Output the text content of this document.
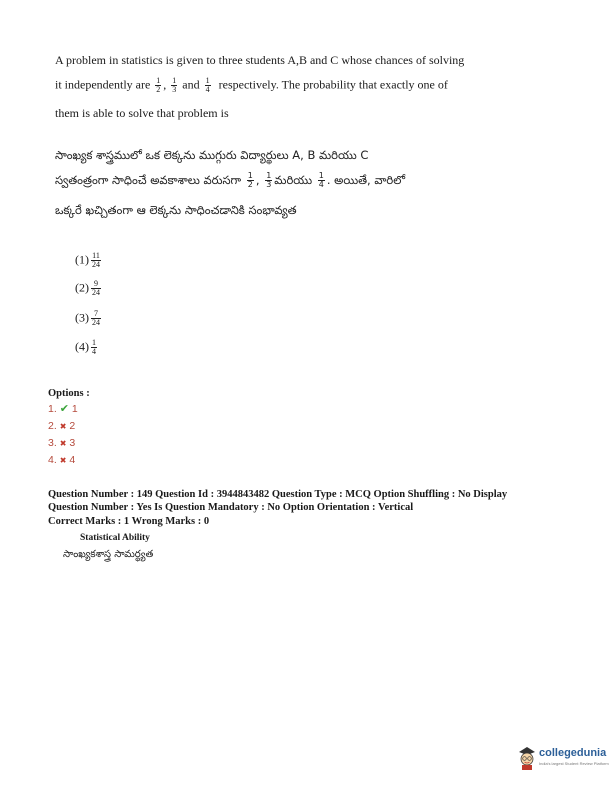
A problem in statistics is given to three students A,B and C whose chances of solving
it independently are $\frac{1}{2}$ , $\frac{1}{3}$ and $\frac{1}{4}$ respectively. The probability that exactly one of
them is able to solve that problem is
సాంఖ్యక శాస్త్రములో ఒక లెక్కను ముగ్గురు విద్యార్థులు A, B మరియు C
స్వతంత్రంగా సాధించే అవకాశాలు వరుసగా $\frac{1}{2}$ , $\frac{1}{3}$ మరియు $\frac{1}{4}$ . అయితే, వారిలో
ఒక్కరే ఖచ్చితంగా ఆ లెక్కను సాధించడానికి సంభావ్యత
$(1) \frac{11}{24}$
$(2) \frac{9}{24}$
$(3) \frac{7}{24}$
$(4) \frac{1}{4}$
Options :
1. ✔ 1
2. ✖ 2
3. ✖ 3
4. ✖ 4
Question Number : 149 Question Id : 3944843482 Question Type : MCQ Option Shuffling : No Display
Question Number : Yes Is Question Mandatory : No Option Orientation : Vertical
Correct Marks : 1 Wrong Marks : 0
Statistical Ability
సాంఖ్యకశాస్త్ర సామర్థ్యత
collegedunia
India's largest Student Review Platform
